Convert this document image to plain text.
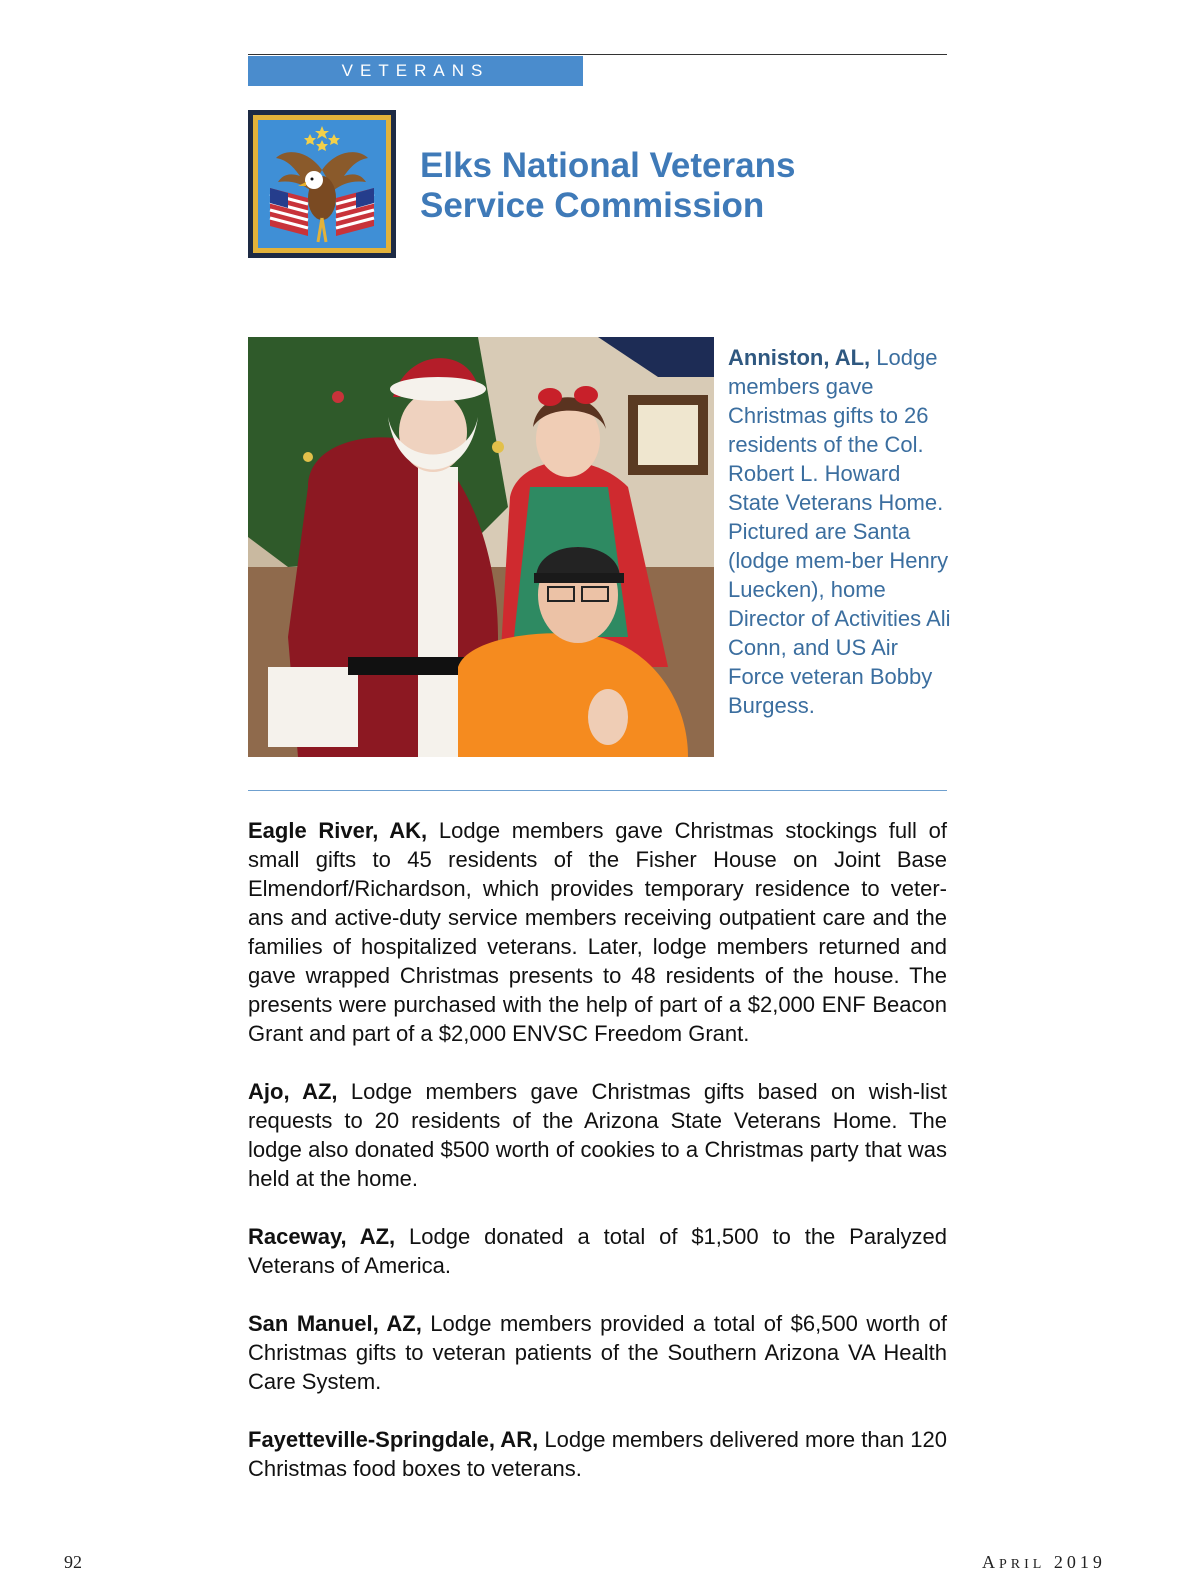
VETERANS
Elks National Veterans
Service Commission
Anniston, AL, Lodge members gave Christmas gifts to 26 residents of the Col. Robert L. Howard State Veterans Home. Pictured are Santa (lodge mem-ber Henry Luecken), home Director of Activities Ali Conn, and US Air Force veteran Bobby Burgess.

Eagle River, AK, Lodge members gave Christmas stockings full of small gifts to 45 residents of the Fisher House on Joint Base Elmendorf/Richardson, which provides temporary residence to veter-ans and active-duty service members receiving outpatient care and the families of hospitalized veterans. Later, lodge members returned and gave wrapped Christmas presents to 48 residents of the house. The presents were purchased with the help of part of a $2,000 ENF Beacon Grant and part of a $2,000 ENVSC Freedom Grant.

Ajo, AZ, Lodge members gave Christmas gifts based on wish-list requests to 20 residents of the Arizona State Veterans Home. The lodge also donated $500 worth of cookies to a Christmas party that was held at the home.

Raceway, AZ, Lodge donated a total of $1,500 to the Paralyzed Veterans of America.

San Manuel, AZ, Lodge members provided a total of $6,500 worth of Christmas gifts to veteran patients of the Southern Arizona VA Health Care System.

Fayetteville-Springdale, AR, Lodge members delivered more than 120 Christmas food boxes to veterans.

92	APRIL 2019
